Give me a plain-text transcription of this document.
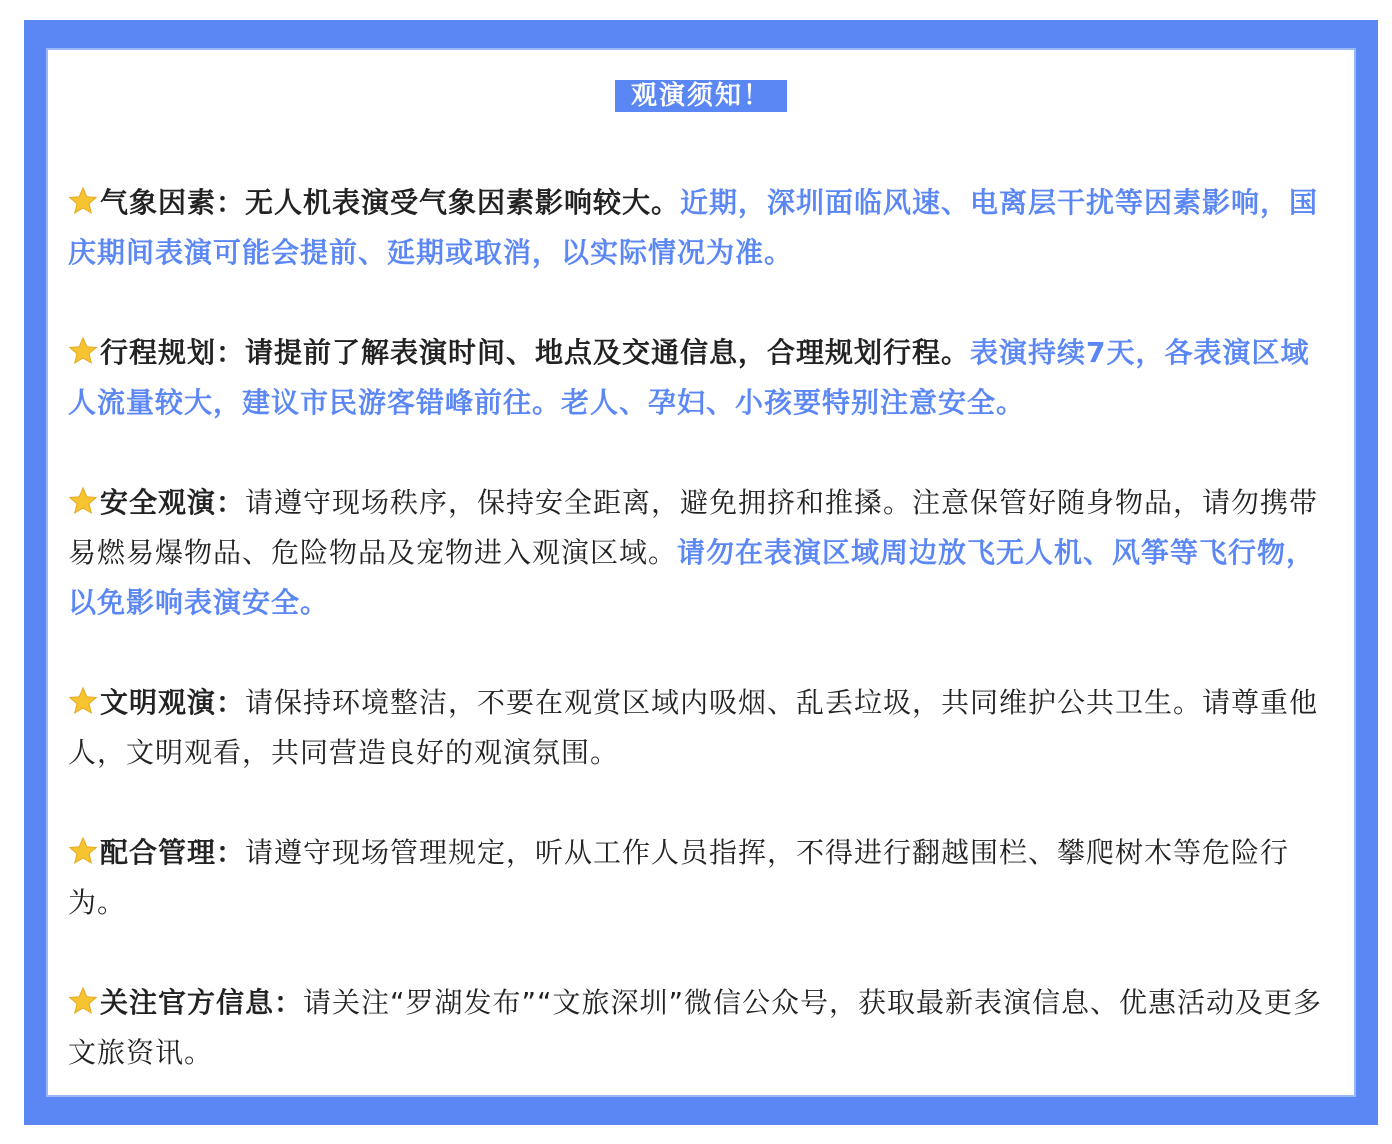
观演须知！
气象因素：无人机表演受气象因素影响较大。近期，深圳面临风速、电离层干扰等因素影响，国庆期间表演可能会提前、延期或取消，以实际情况为准。
行程规划：请提前了解表演时间、地点及交通信息，合理规划行程。表演持续7天，各表演区域人流量较大，建议市民游客错峰前往。老人、孕妇、小孩要特别注意安全。
安全观演：请遵守现场秩序，保持安全距离，避免拥挤和推搡。注意保管好随身物品，请勿携带易燃易爆物品、危险物品及宠物进入观演区域。请勿在表演区域周边放飞无人机、风筝等飞行物，以免影响表演安全。
文明观演：请保持环境整洁，不要在观赏区域内吸烟、乱丢垃圾，共同维护公共卫生。请尊重他人，文明观看，共同营造良好的观演氛围。
配合管理：请遵守现场管理规定，听从工作人员指挥，不得进行翻越围栏、攀爬树木等危险行为。
关注官方信息：请关注“罗湖发布”“文旅深圳”微信公众号，获取最新表演信息、优惠活动及更多文旅资讯。
